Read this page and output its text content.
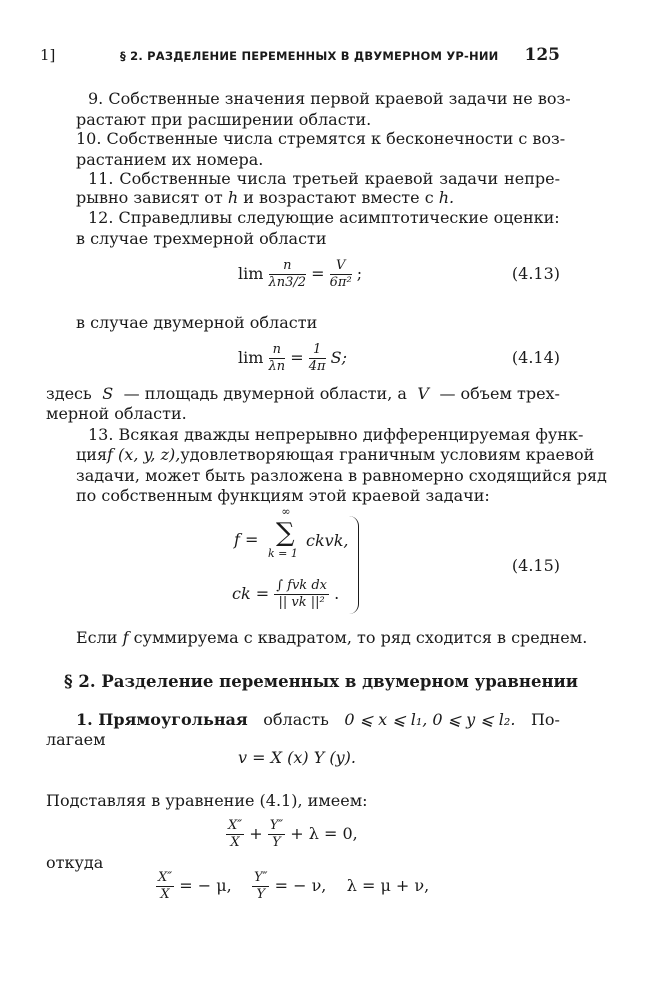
1]	§ 2. РАЗДЕЛЕНИЕ ПЕРЕМЕННЫХ В ДВУМЕРНОМ УР-НИИ 125
9. Собственные значения первой краевой задачи не воз-
растают при расширении области.
10. Собственные числа стремятся к бесконечности с воз-
растанием их номера.
11. Собственные числа третьей краевой задачи непре-
рывно зависят от h и возрастают вместе с h.
12. Справедливы следующие асимптотические оценки:
в случае трехмерной области
$\lim \frac{n}{\lambda n3/2} = \frac{V}{\text{6π²}}$ ;	(4.13)
в случае двумерной области
$\lim \frac{n}{\lambda n} = \frac{1}{4\pi} S$;	(4.14)
здесь S — площадь двумерной области, а V — объем трех-
мерной области.
13. Всякая дважды непрерывно дифференцируемая функ-
ция f (x, y, z), удовлетворяющая граничным условиям краевой
задачи, может быть разложена в равномерно сходящийся ряд
по собственным функциям этой краевой задачи:
f =
∞
∑
k = 1
ckvk,
ck = $\frac{\text{∫ fvk dx}}{\text{|| vk ||²}}$ .
(4.15)
Если f суммируема с квадратом, то ряд сходится в среднем.
§ 2. Разделение переменных в двумерном уравнении
1. Прямоугольная область 0 ⩽ x ⩽ l₁, 0 ⩽ y ⩽ l₂. По-
лагаем
v = X (x) Y (y).
Подставляя в уравнение (4.1), имеем:
$\frac{X''}{X} + \frac{Y''}{Y} + \lambda = 0$,
откуда
$\frac{X''}{X}$ = − μ, $\frac{Y''}{Y}$ = − ν, λ = μ + ν,
